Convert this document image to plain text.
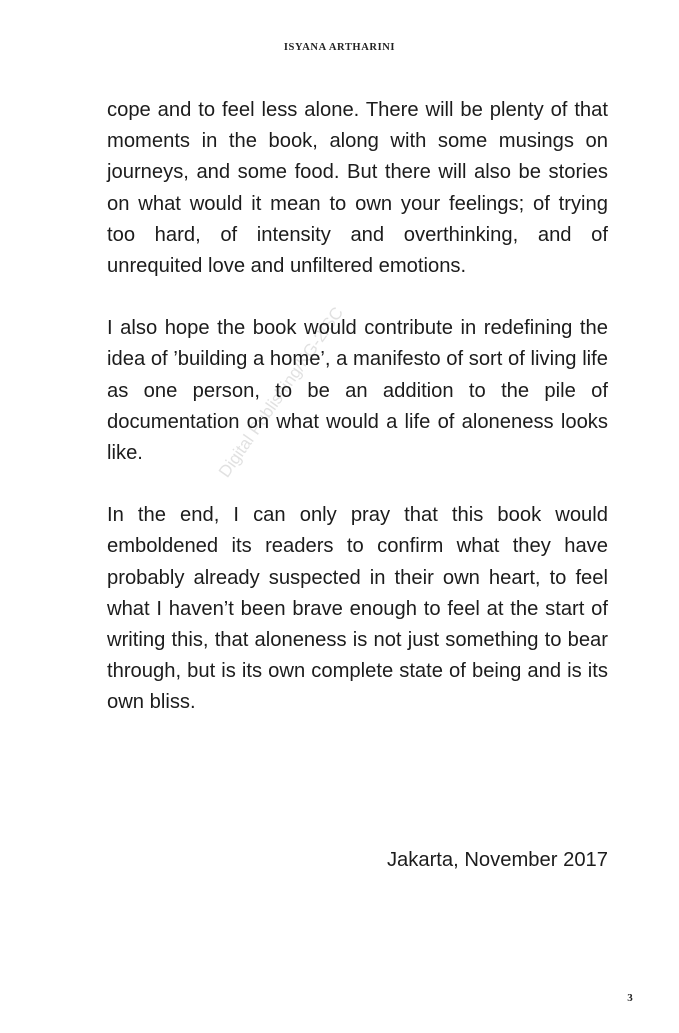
ISYANA ARTHARINI
Digital Publishing/KG-2/SC

cope and to feel less alone. There will be plenty of that moments in the book, along with some musings on journeys, and some food. But there will also be stories on what would it mean to own your feelings; of trying too hard, of intensity and overthinking, and of unrequited love and unfiltered emotions.

I also hope the book would contribute in redefining the idea of ’building a home’, a manifesto of sort of living life as one person, to be an addition to the pile of documentation on what would a life of aloneness looks like.

In the end, I can only pray that this book would emboldened its readers to confirm what they have probably already suspected in their own heart, to feel what I haven’t been brave enough to feel at the start of writing this, that aloneness is not just something to bear through, but is its own complete state of being and is its own bliss.

Jakarta, November 2017
3
